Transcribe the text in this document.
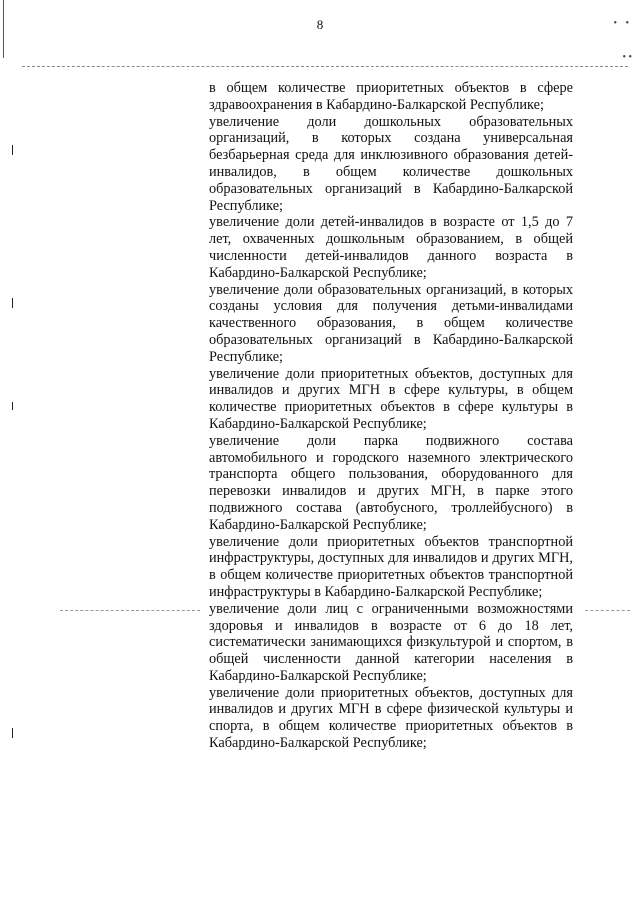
8	• •
• •

в общем количестве приоритетных объектов в сфере здравоохранения в Кабардино-Балкарской Республике;

увеличение доли дошкольных образовательных организаций, в которых создана универсальная безбарьерная среда для инклюзивного образования детей-инвалидов, в общем количестве дошкольных образовательных организаций в Кабардино-Балкарской Республике;

увеличение доли детей-инвалидов в возрасте от 1,5 до 7 лет, охваченных дошкольным образованием, в общей численности детей-инвалидов данного возраста в Кабардино-Балкарской Республике;

увеличение доли образовательных организаций, в которых созданы условия для получения детьми-инвалидами качественного образования, в общем количестве образовательных организаций в Кабардино-Балкарской Республике;

увеличение доли приоритетных объектов, доступных для инвалидов и других МГН в сфере культуры, в общем количестве приоритетных объектов в сфере культуры в Кабардино-Балкарской Республике;

увеличение доли парка подвижного состава автомобильного и городского наземного электрического транспорта общего пользования, оборудованного для перевозки инвалидов и других МГН, в парке этого подвижного состава (автобусного, троллейбусного) в Кабардино-Балкарской Республике;

увеличение доли приоритетных объектов транспортной инфраструктуры, доступных для инвалидов и других МГН, в общем количестве приоритетных объектов транспортной инфраструктуры в Кабардино-Балкарской Республике;

увеличение доли лиц с ограниченными возможностями здоровья и инвалидов в возрасте от 6 до 18 лет, систематически занимающихся физкультурой и спортом, в общей численности данной категории населения в Кабардино-Балкарской Республике;

увеличение доли приоритетных объектов, доступных для инвалидов и других МГН в сфере физической культуры и спорта, в общем количестве приоритетных объектов в Кабардино-Балкарской Республике;
